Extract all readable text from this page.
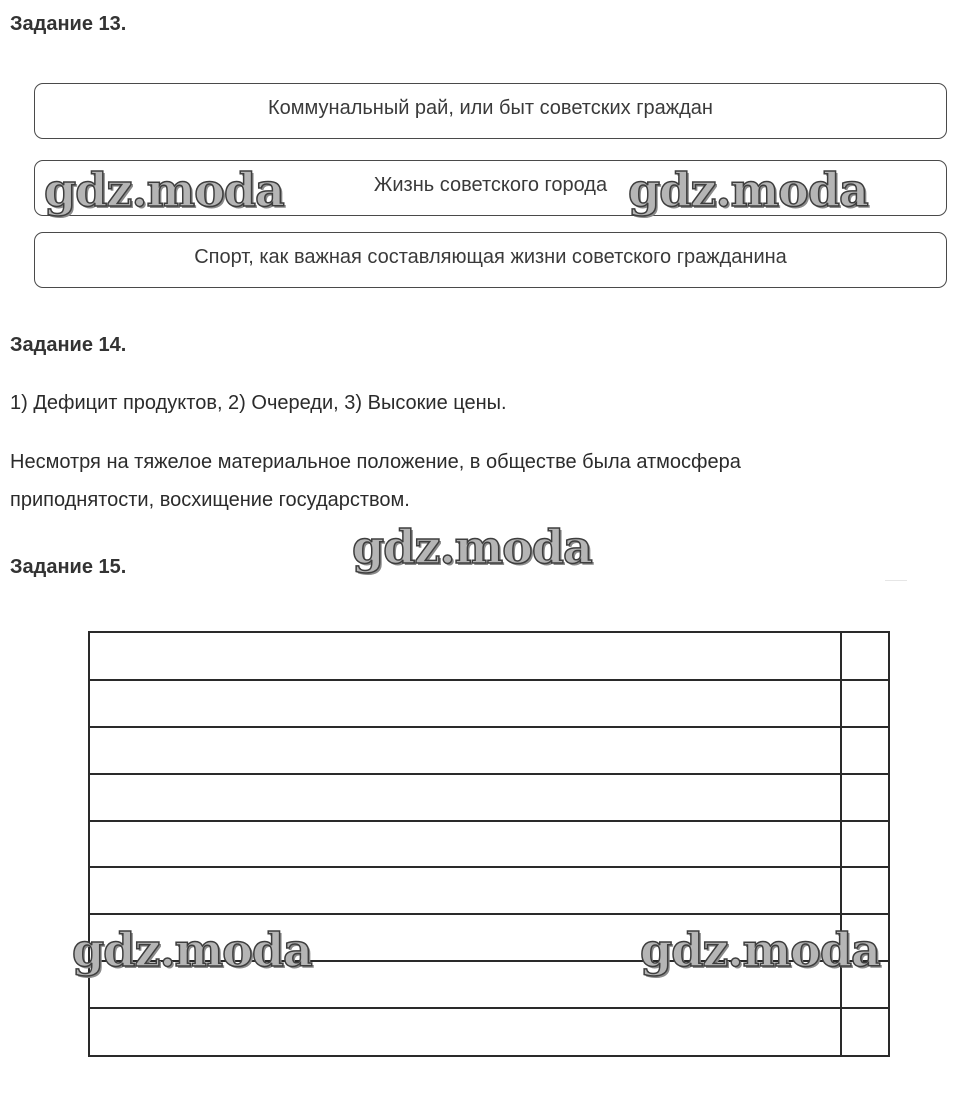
Задание 13.
Коммунальный рай, или быт советских граждан
Жизнь советского города
Спорт, как важная составляющая жизни советского гражданина
Задание 14.

1) Дефицит продуктов, 2) Очереди, 3) Высокие цены.

Несмотря на тяжелое материальное положение, в обществе была атмосфера

приподнятости, восхищение государством.

Задание 15.
gdz.moda	gdz.moda
gdz.moda
gdz.moda	gdz.moda
